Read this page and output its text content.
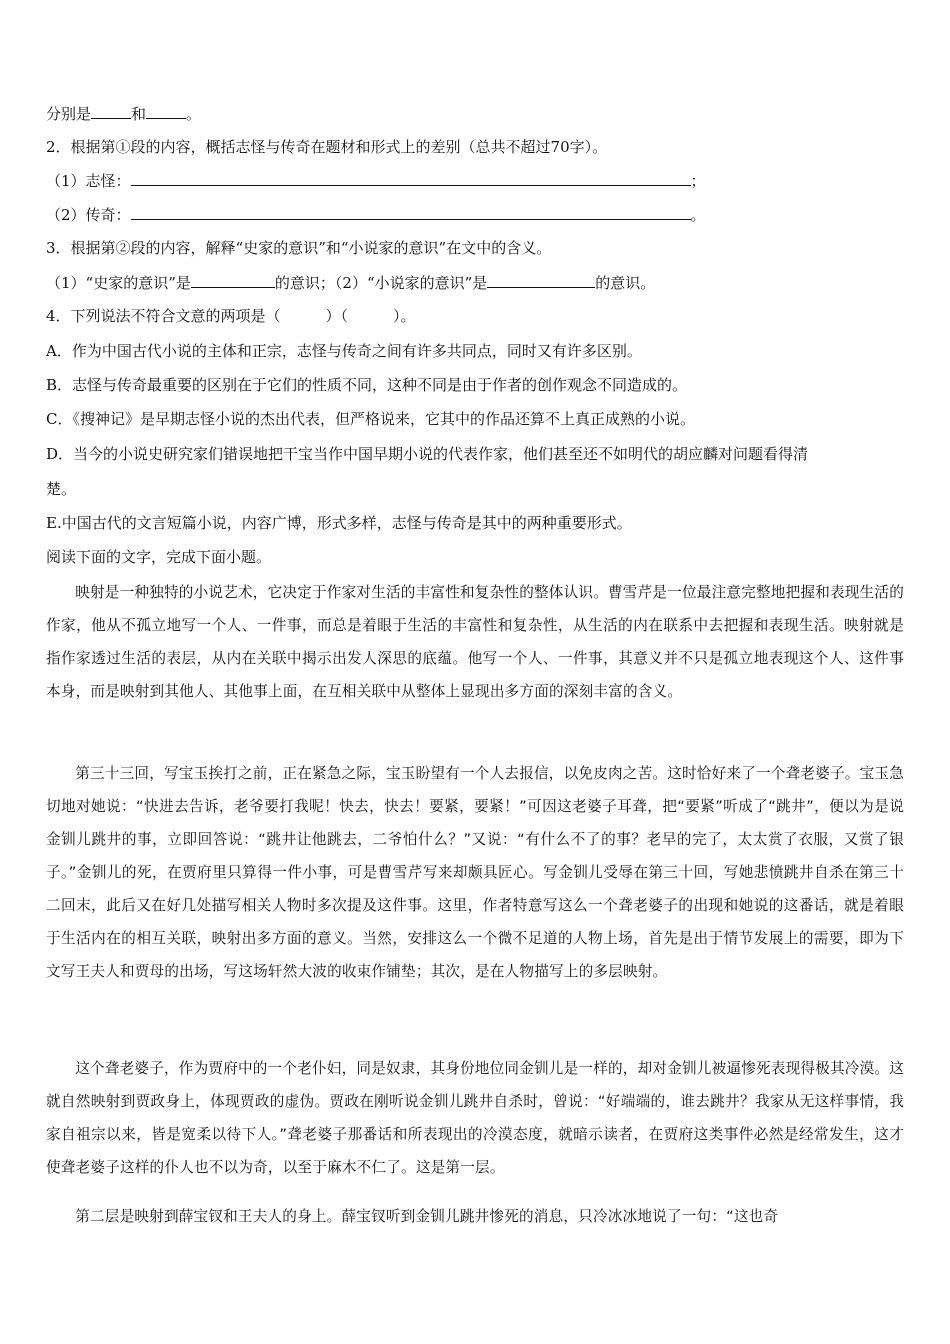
分别是	和	。
2．根据第①段的内容，概括志怪与传奇在题材和形式上的差别（总共不超过70字）。
（1）志怪：	；
（2）传奇：	。
3．根据第②段的内容，解释“史家的意识”和“小说家的意识”在文中的含义。
（1）“史家的意识”是	的意识；（2）“小说家的意识”是	的意识。
4．下列说法不符合文意的两项是（　　　）（　　　）。
A．作为中国古代小说的主体和正宗，志怪与传奇之间有许多共同点，同时又有许多区别。
B．志怪与传奇最重要的区别在于它们的性质不同，这种不同是由于作者的创作观念不同造成的。
C．《搜神记》是早期志怪小说的杰出代表，但严格说来，它其中的作品还算不上真正成熟的小说。
D．当今的小说史研究家们错误地把干宝当作中国早期小说的代表作家，他们甚至还不如明代的胡应麟对问题看得清
楚。
E.中国古代的文言短篇小说，内容广博，形式多样，志怪与传奇是其中的两种重要形式。
阅读下面的文字，完成下面小题。

映射是一种独特的小说艺术，它决定于作家对生活的丰富性和复杂性的整体认识。曹雪芹是一位最注意完整地把握和表现生活的作家，他从不孤立地写一个人、一件事，而总是着眼于生活的丰富性和复杂性，从生活的内在联系中去把握和表现生活。映射就是指作家透过生活的表层，从内在关联中揭示出发人深思的底蕴。他写一个人、一件事，其意义并不只是孤立地表现这个人、这件事本身，而是映射到其他人、其他事上面，在互相关联中从整体上显现出多方面的深刻丰富的含义。

第三十三回，写宝玉挨打之前，正在紧急之际，宝玉盼望有一个人去报信，以免皮肉之苦。这时恰好来了一个聋老婆子。宝玉急切地对她说：“快进去告诉，老爷要打我呢！快去，快去！要紧，要紧！”可因这老婆子耳聋，把“要紧”听成了“跳井”，便以为是说金钏儿跳井的事，立即回答说：“跳井让他跳去，二爷怕什么？”又说：“有什么不了的事？老早的完了，太太赏了衣服，又赏了银子。”金钏儿的死，在贾府里只算得一件小事，可是曹雪芹写来却颇具匠心。写金钏儿受辱在第三十回，写她悲愤跳井自杀在第三十二回末，此后又在好几处描写相关人物时多次提及这件事。这里，作者特意写这么一个聋老婆子的出现和她说的这番话，就是着眼于生活内在的相互关联，映射出多方面的意义。当然，安排这么一个微不足道的人物上场，首先是出于情节发展上的需要，即为下文写王夫人和贾母的出场，写这场轩然大波的收束作铺垫；其次，是在人物描写上的多层映射。

这个聋老婆子，作为贾府中的一个老仆妇，同是奴隶，其身份地位同金钏儿是一样的，却对金钏儿被逼惨死表现得极其冷漠。这就自然映射到贾政身上，体现贾政的虚伪。贾政在刚听说金钏儿跳井自杀时，曾说：“好端端的，谁去跳井？我家从无这样事情，我家自祖宗以来，皆是宽柔以待下人。”聋老婆子那番话和所表现出的冷漠态度，就暗示读者，在贾府这类事件必然是经常发生，这才使聋老婆子这样的仆人也不以为奇，以至于麻木不仁了。这是第一层。

第二层是映射到薛宝钗和王夫人的身上。薛宝钗听到金钏儿跳井惨死的消息，只冷冰冰地说了一句：“这也奇
